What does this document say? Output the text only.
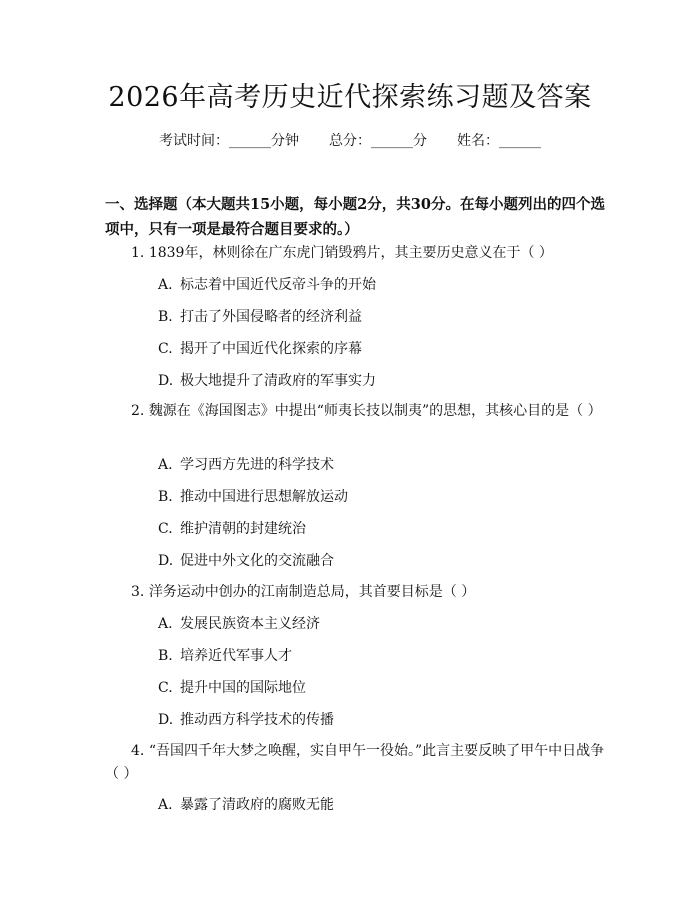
2026年高考历史近代探索练习题及答案
考试时间：______分钟 总分：______分 姓名：______
一、选择题（本大题共15小题，每小题2分，共30分。在每小题列出的四个选项中，只有一项是最符合题目要求的。）
1. 1839年，林则徐在广东虎门销毁鸦片，其主要历史意义在于（ ）
A. 标志着中国近代反帝斗争的开始
B. 打击了外国侵略者的经济利益
C. 揭开了中国近代化探索的序幕
D. 极大地提升了清政府的军事实力
2. 魏源在《海国图志》中提出“师夷长技以制夷”的思想，其核心目的是（ ）
A. 学习西方先进的科学技术
B. 推动中国进行思想解放运动
C. 维护清朝的封建统治
D. 促进中外文化的交流融合
3. 洋务运动中创办的江南制造总局，其首要目标是（ ）
A. 发展民族资本主义经济
B. 培养近代军事人才
C. 提升中国的国际地位
D. 推动西方科学技术的传播
4. “吾国四千年大梦之唤醒，实自甲午一役始。”此言主要反映了甲午中日战争（ ）
A. 暴露了清政府的腐败无能
